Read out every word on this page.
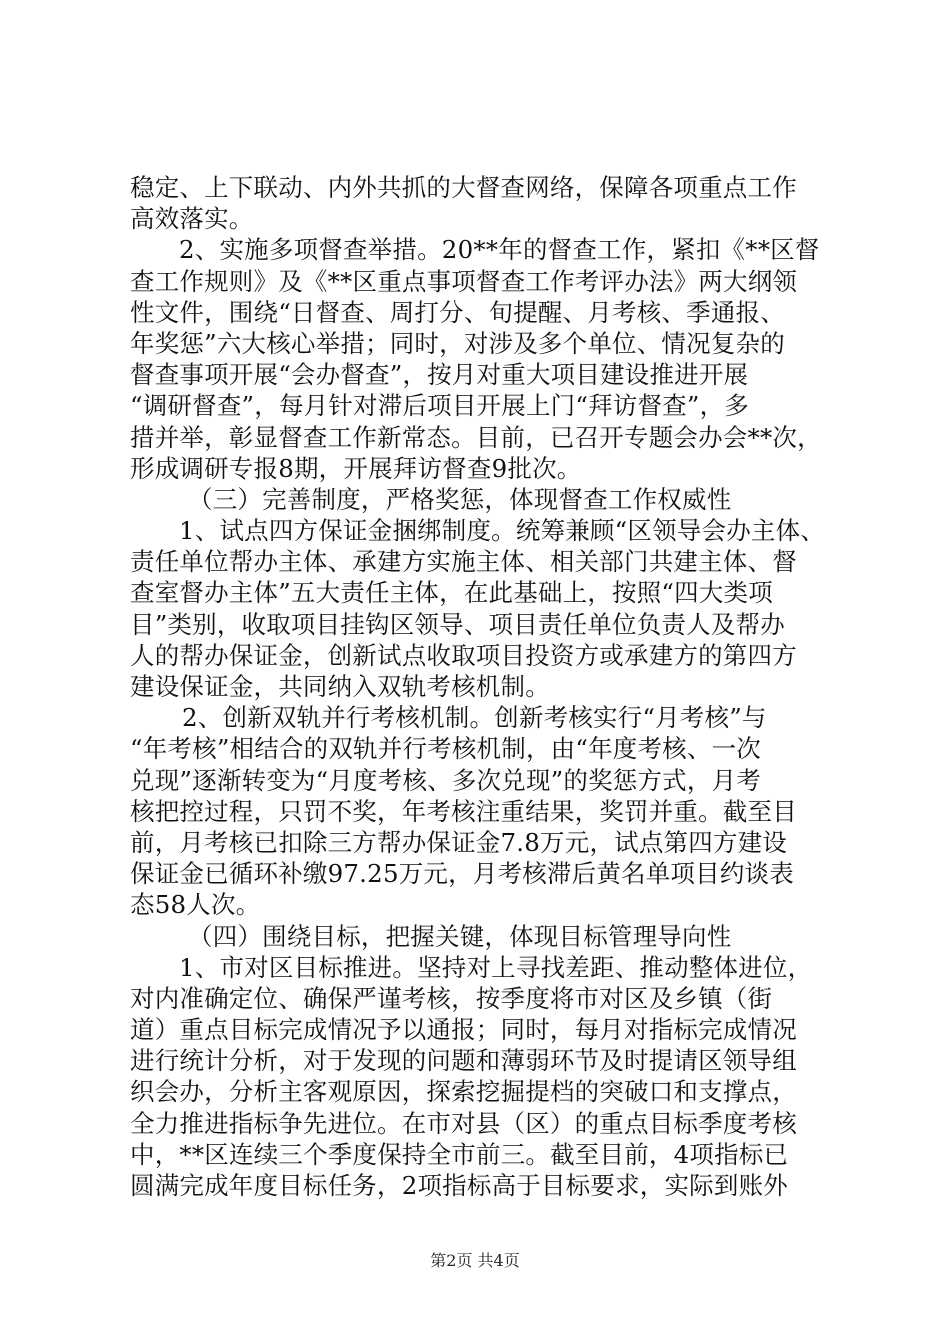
稳定、上下联动、内外共抓的大督查网络，保障各项重点工作
高效落实。
2、实施多项督查举措。20**年的督查工作，紧扣《**区督
查工作规则》及《**区重点事项督查工作考评办法》两大纲领
性文件，围绕“日督查、周打分、旬提醒、月考核、季通报、
年奖惩”六大核心举措；同时，对涉及多个单位、情况复杂的
督查事项开展“会办督查”，按月对重大项目建设推进开展
“调研督查”，每月针对滞后项目开展上门“拜访督查”，多
措并举，彰显督查工作新常态。目前，已召开专题会办会**次，
形成调研专报8期，开展拜访督查9批次。
（三）完善制度，严格奖惩，体现督查工作权威性
1、试点四方保证金捆绑制度。统筹兼顾“区领导会办主体、
责任单位帮办主体、承建方实施主体、相关部门共建主体、督
查室督办主体”五大责任主体，在此基础上，按照“四大类项
目”类别，收取项目挂钩区领导、项目责任单位负责人及帮办
人的帮办保证金，创新试点收取项目投资方或承建方的第四方
建设保证金，共同纳入双轨考核机制。
2、创新双轨并行考核机制。创新考核实行“月考核”与
“年考核”相结合的双轨并行考核机制，由“年度考核、一次
兑现”逐渐转变为“月度考核、多次兑现”的奖惩方式，月考
核把控过程，只罚不奖，年考核注重结果，奖罚并重。截至目
前，月考核已扣除三方帮办保证金7.8万元，试点第四方建设
保证金已循环补缴97.25万元，月考核滞后黄名单项目约谈表
态58人次。
（四）围绕目标，把握关键，体现目标管理导向性
1、市对区目标推进。坚持对上寻找差距、推动整体进位，
对内准确定位、确保严谨考核，按季度将市对区及乡镇（街
道）重点目标完成情况予以通报；同时，每月对指标完成情况
进行统计分析，对于发现的问题和薄弱环节及时提请区领导组
织会办，分析主客观原因，探索挖掘提档的突破口和支撑点，
全力推进指标争先进位。在市对县（区）的重点目标季度考核
中，**区连续三个季度保持全市前三。截至目前，4项指标已
圆满完成年度目标任务，2项指标高于目标要求，实际到账外
第2页 共4页
